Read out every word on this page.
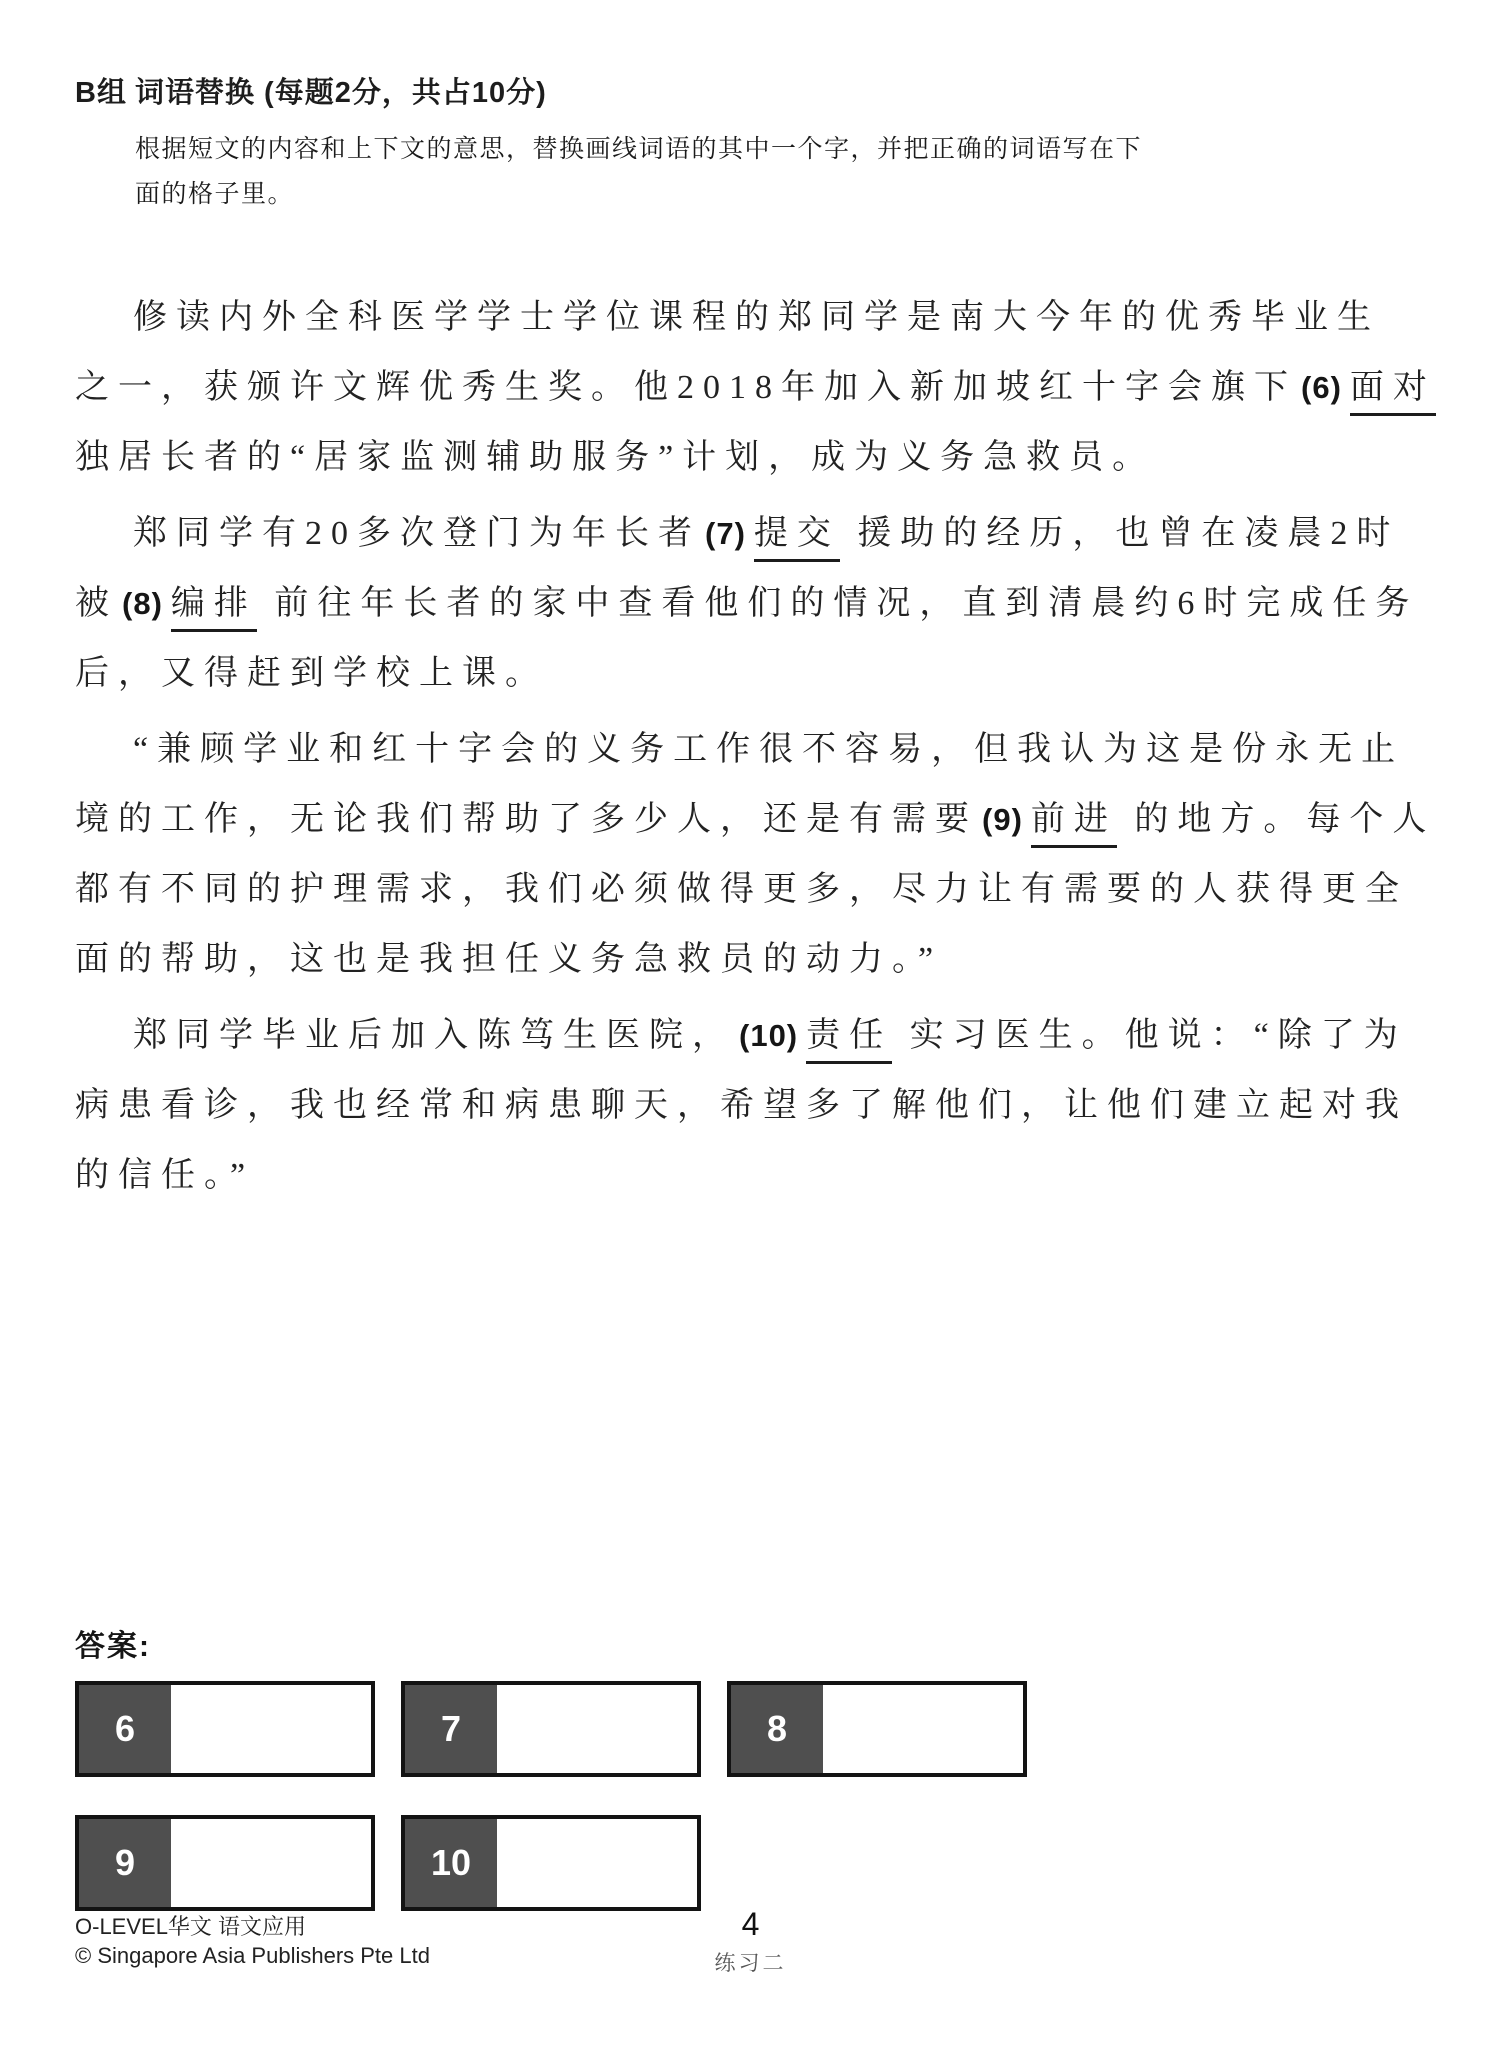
B组 词语替换 (每题2分，共占10分)
根据短文的内容和上下文的意思，替换画线词语的其中一个字，并把正确的词语写在下
面的格子里。
修读内外全科医学学士学位课程的郑同学是南大今年的优秀毕业生
之一，获颁许文辉优秀生奖。他2018年加入新加坡红十字会旗下 (6) 面对
独居长者的“居家监测辅助服务”计划，成为义务急救员。
郑同学有20多次登门为年长者 (7) 提交 援助的经历，也曾在凌晨2时
被 (8) 编排 前往年长者的家中查看他们的情况，直到清晨约6时完成任务
后，又得赶到学校上课。
“兼顾学业和红十字会的义务工作很不容易，但我认为这是份永无止
境的工作，无论我们帮助了多少人，还是有需要 (9) 前进 的地方。每个人
都有不同的护理需求，我们必须做得更多，尽力让有需要的人获得更全
面的帮助，这也是我担任义务急救员的动力。”
郑同学毕业后加入陈笃生医院， (10) 责任 实习医生。他说：“除了为
病患看诊，我也经常和病患聊天，希望多了解他们，让他们建立起对我
的信任。”
答案:
6	7	8
9	10
O-LEVEL华文 语文应用
© Singapore Asia Publishers Pte Ltd
4
练习二
